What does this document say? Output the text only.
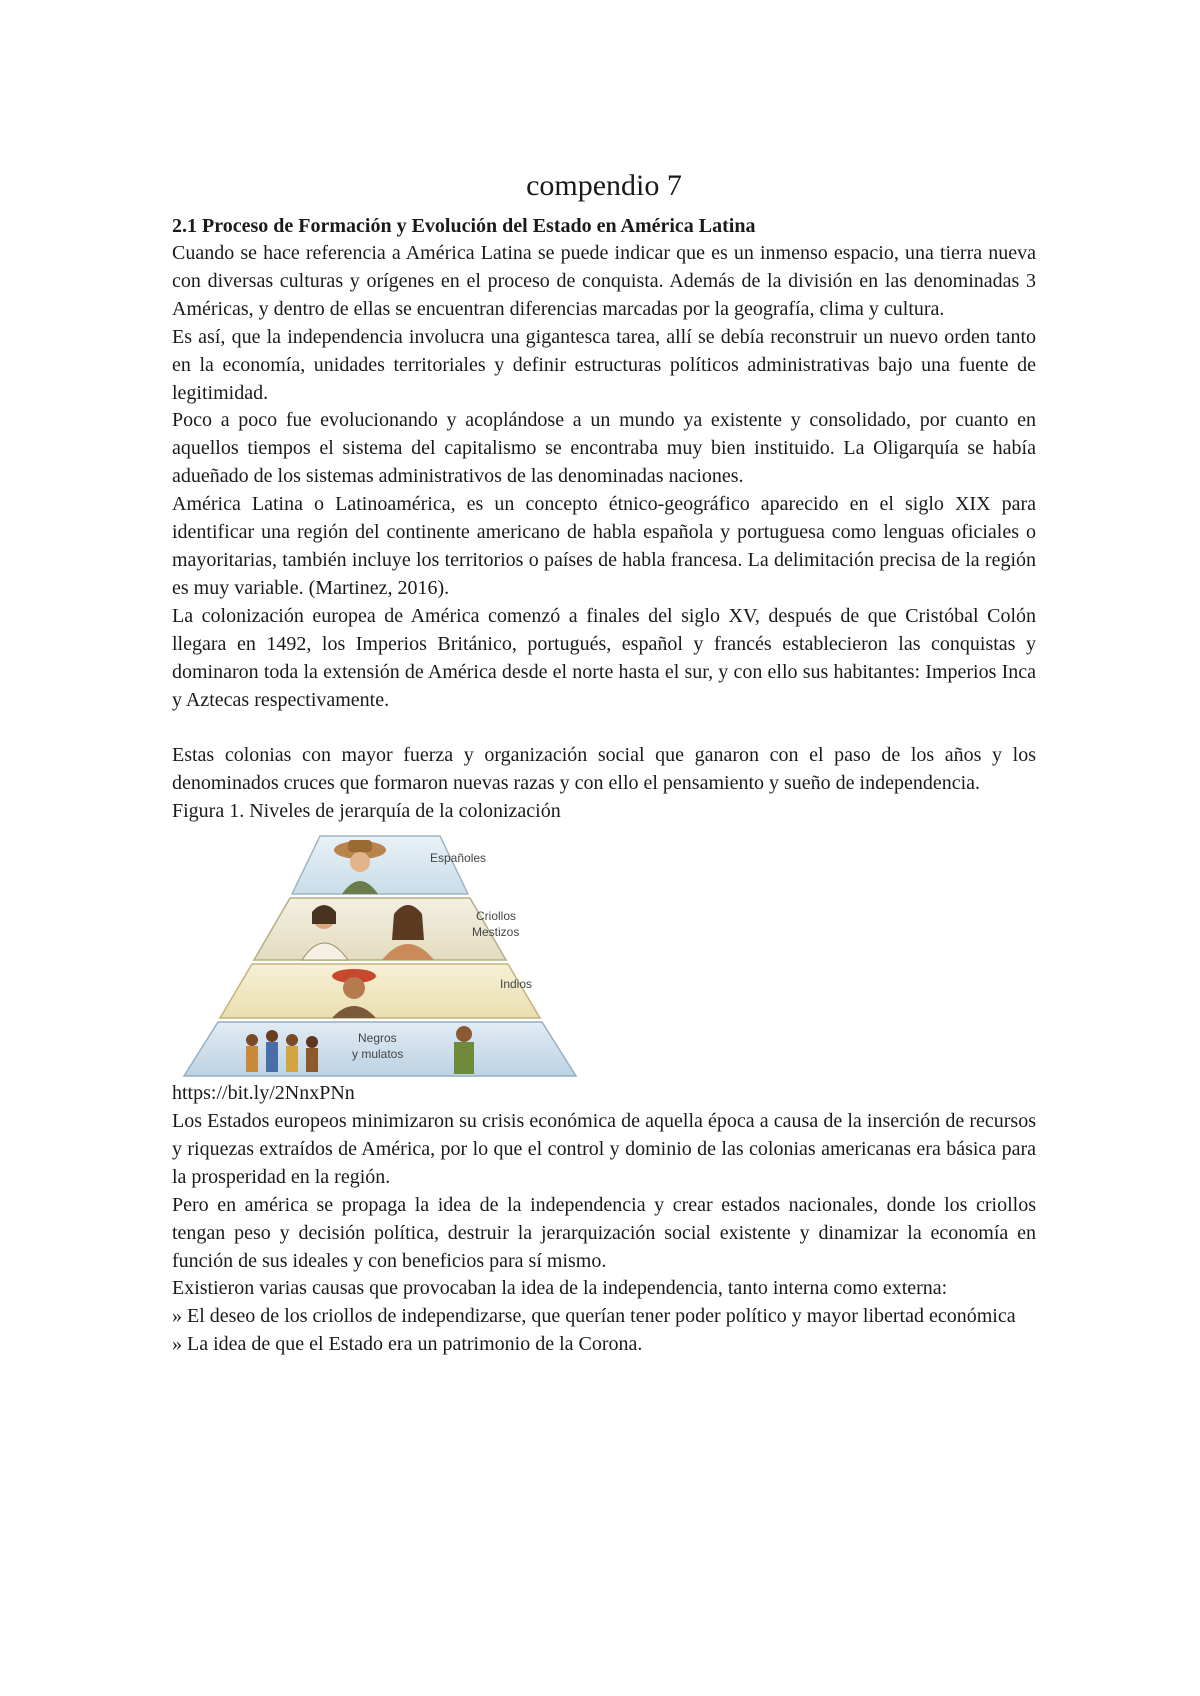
compendio 7
2.1 Proceso de Formación y Evolución del Estado en América Latina

Cuando se hace referencia a América Latina se puede indicar que es un inmenso espacio, una tierra nueva con diversas culturas y orígenes en el proceso de conquista. Además de la división en las denominadas 3 Américas, y dentro de ellas se encuentran diferencias marcadas por la geografía, clima y cultura.

Es así, que la independencia involucra una gigantesca tarea, allí se debía reconstruir un nuevo orden tanto en la economía, unidades territoriales y definir estructuras políticos administrativas bajo una fuente de legitimidad.

Poco a poco fue evolucionando y acoplándose a un mundo ya existente y consolidado, por cuanto en aquellos tiempos el sistema del capitalismo se encontraba muy bien instituido. La Oligarquía se había adueñado de los sistemas administrativos de las denominadas naciones.

América Latina o Latinoamérica, es un concepto étnico-geográfico aparecido en el siglo XIX para identificar una región del continente americano de habla española y portuguesa como lenguas oficiales o mayoritarias, también incluye los territorios o países de habla francesa. La delimitación precisa de la región es muy variable. (Martinez, 2016).

La colonización europea de América comenzó a finales del siglo XV, después de que Cristóbal Colón llegara en 1492, los Imperios Británico, portugués, español y francés establecieron las conquistas y dominaron toda la extensión de América desde el norte hasta el sur, y con ello sus habitantes: Imperios Inca y Aztecas respectivamente.

Estas colonias con mayor fuerza y organización social que ganaron con el paso de los años y los denominados cruces que formaron nuevas razas y con ello el pensamiento y sueño de independencia.

Figura 1. Niveles de jerarquía de la colonización

Españoles
Criollos
Mestizos
Indios
Negros
y mulatos

https://bit.ly/2NnxPNn

Los Estados europeos minimizaron su crisis económica de aquella época a causa de la inserción de recursos y riquezas extraídos de América, por lo que el control y dominio de las colonias americanas era básica para la prosperidad en la región.

Pero en américa se propaga la idea de la independencia y crear estados nacionales, donde los criollos tengan peso y decisión política, destruir la jerarquización social existente y dinamizar la economía en función de sus ideales y con beneficios para sí mismo.

Existieron varias causas que provocaban la idea de la independencia, tanto interna como externa:

» El deseo de los criollos de independizarse, que querían tener poder político y mayor libertad económica

» La idea de que el Estado era un patrimonio de la Corona.
